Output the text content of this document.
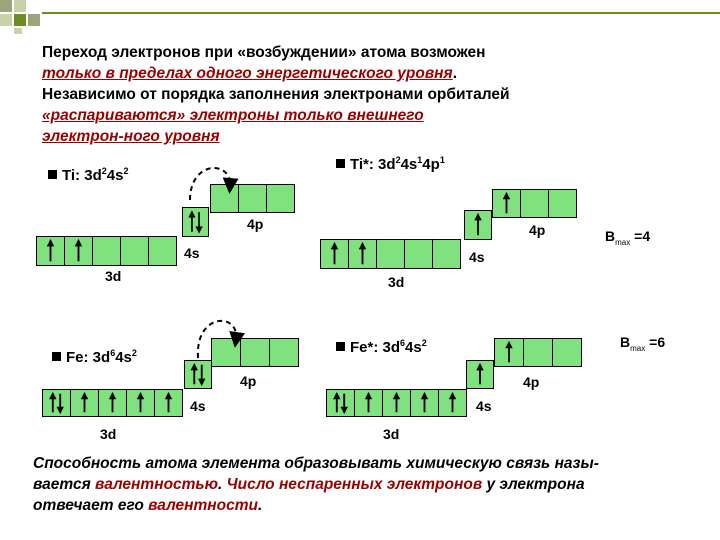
Переход электронов при «возбуждении» атома возможен
только в пределах одного энергетического уровня.
Независимо от порядка заполнения электронами орбиталей
«распариваются» электроны только внешнего
электрон-ного уровня
Ti: $3d^24s^2$	Ti*: $3d^24s^14p^1$
Fe: $3d^64s^2$	Fe*: $3d^64s^2$
$В_{max} =4$
$В_{max} =6$
3d
4s
4p
3d
4s
4p
3d
4s
4p
3d
4s
4p
Способность атома элемента образовывать химическую связь назы-
вается валентностью. Число неспаренных электронов у электрона
отвечает его валентности.
